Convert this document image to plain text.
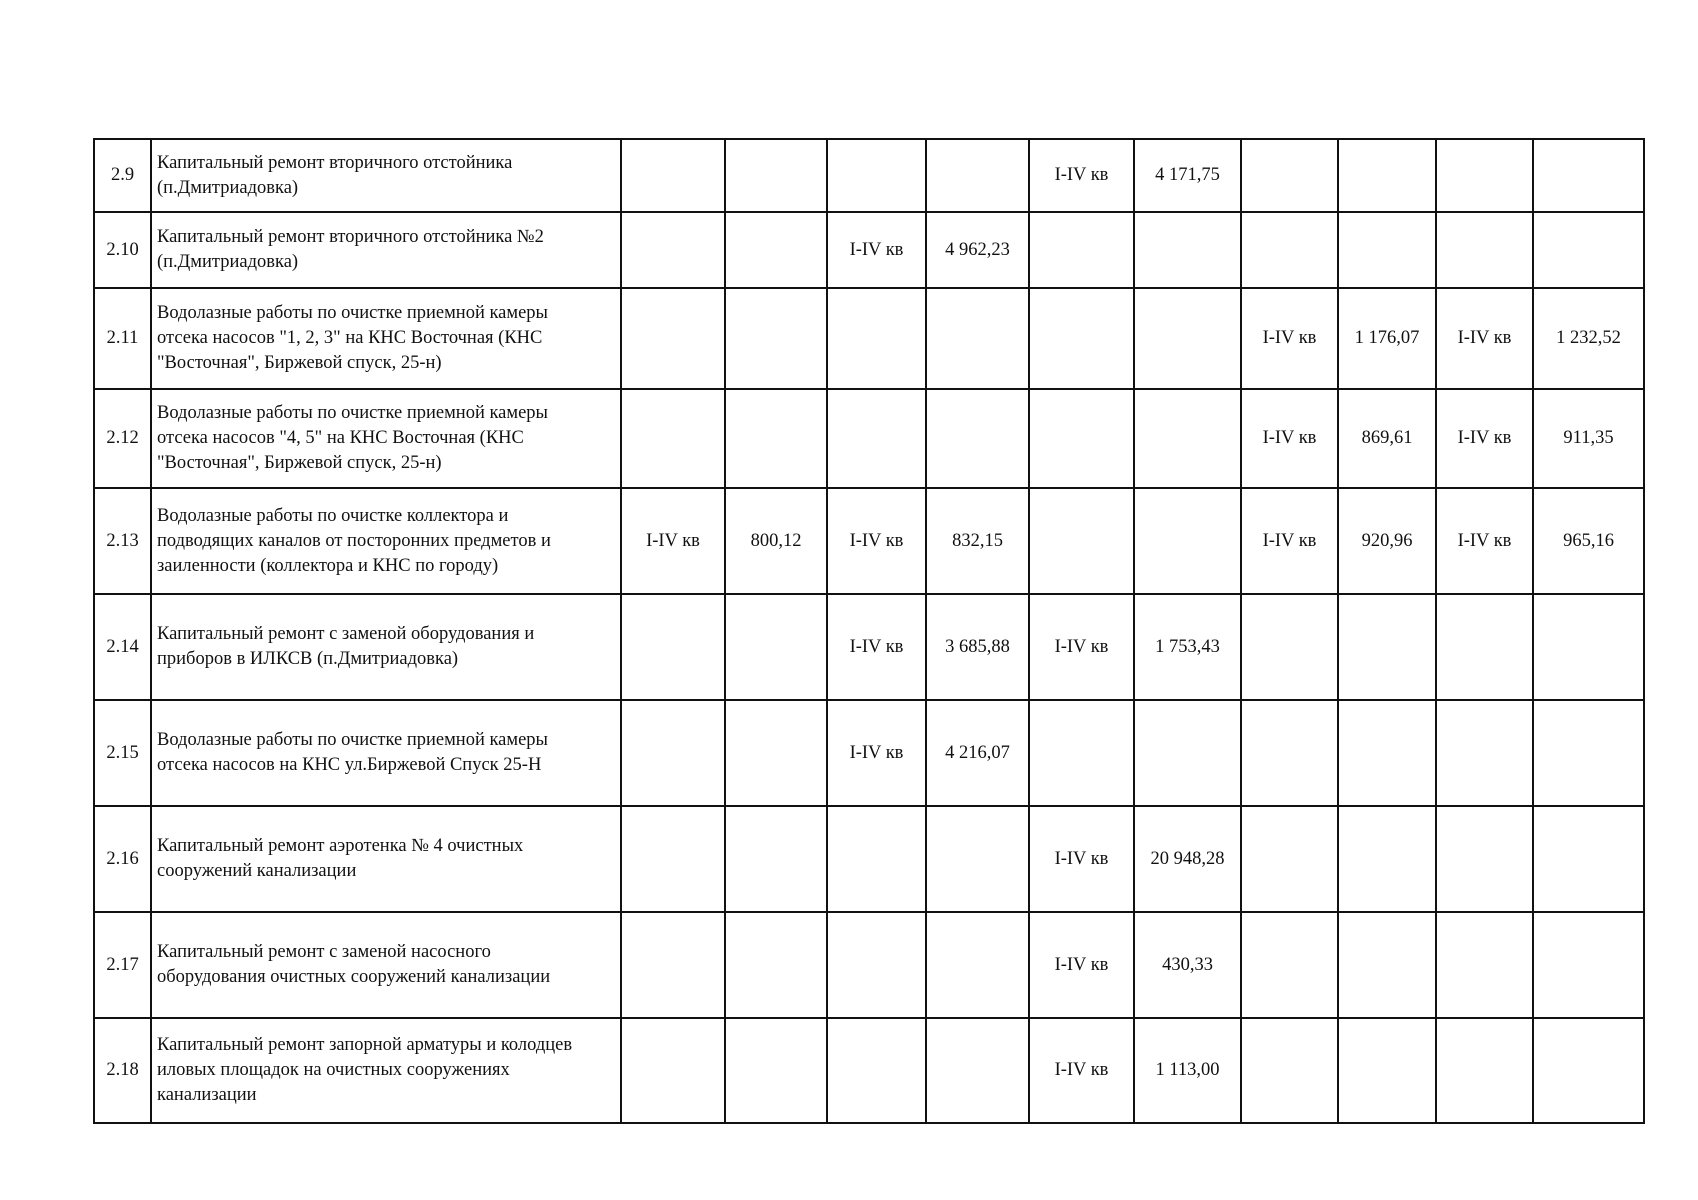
2.9	Капитальный ремонт вторичного отстойника
(п.Дмитриадовка)					I-IV кв	4 171,75				
2.10	Капитальный ремонт вторичного отстойника №2
(п.Дмитриадовка)			I-IV кв	4 962,23						
2.11	Водолазные работы по очистке приемной камеры
отсека насосов "1, 2, 3" на КНС Восточная (КНС
"Восточная", Биржевой спуск, 25-н)							I-IV кв	1 176,07	I-IV кв	1 232,52
2.12	Водолазные работы по очистке приемной камеры
отсека насосов "4, 5" на КНС Восточная (КНС
"Восточная", Биржевой спуск, 25-н)							I-IV кв	869,61	I-IV кв	911,35
2.13	Водолазные работы по очистке коллектора и
подводящих каналов от посторонних предметов и
заиленности (коллектора и КНС по городу)	I-IV кв	800,12	I-IV кв	832,15			I-IV кв	920,96	I-IV кв	965,16
2.14	Капитальный ремонт с заменой оборудования и
приборов в ИЛКСВ (п.Дмитриадовка)			I-IV кв	3 685,88	I-IV кв	1 753,43				
2.15	Водолазные работы по очистке приемной камеры
отсека насосов на КНС ул.Биржевой Спуск 25-Н			I-IV кв	4 216,07						
2.16	Капитальный ремонт аэротенка № 4 очистных
сооружений канализации					I-IV кв	20 948,28				
2.17	Капитальный ремонт с заменой насосного
оборудования очистных сооружений канализации					I-IV кв	430,33				
2.18	Капитальный ремонт запорной арматуры и колодцев
иловых площадок на очистных сооружениях
канализации					I-IV кв	1 113,00				
